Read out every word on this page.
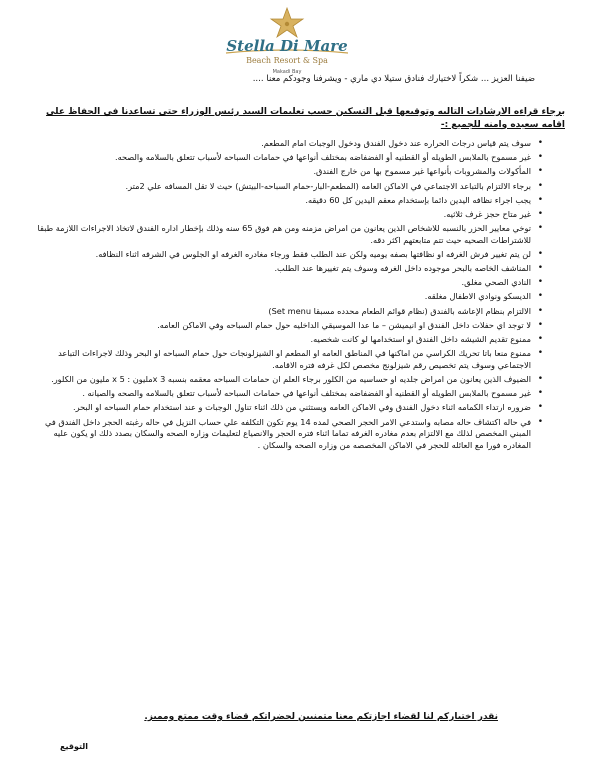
Stella Di Mare
Beach Resort & Spa
Makadi Bay
ضيفنا العزيز ... شكراً لاختيارك فنادق ستيلا دي ماري - ويشرفنا وجودكم معنا ....
برجاء قراءه الارشادات التاليه وتوقيعها قبل التسكين حسب تعليمات السيد رئيس الوزراء حتى تساعدنا في الحفاظ على اقامه سعيده وامنه للجميع :-
• سوف يتم قياس درجات الحراره عند دخول الفندق ودخول الوجبات امام المطعم.
• غير مسموح بالملابس الطويله أو القطنيه أو الفضفاضه بمختلف أنواعها في حمامات السباحه لأسباب تتعلق بالسلامه والصحه.
• المأكولات والمشروبات بأنواعها غير مسموح بها من خارج الفندق.
• برجاء الالتزام بالتباعد الاجتماعي في الاماكن العامه (المطعم-البار-حمام السباحه-البيتش) حيث لا تقل المسافه علي 2متر.
• يجب اجراء نظافه اليدين دائما بإستخدام معقم اليدين كل 60 دقيقه.
• غير متاح حجز غرف ثلاثيه.
• توخي معايير الحزر بالنسبه للاشخاص الذين يعانون من امراض مزمنه ومن هم فوق 65 سنه وذلك بإخطار اداره الفندق لاتخاذ الاجراءات اللازمة طبقا للاشتراطات الصحيه حيث تتم متابعتهم اكثر دقه.
• لن يتم تغيير فرش الغرفه او نظافتها بصفه يوميه ولكن عند الطلب فقط ورجاء مغادره الغرفه او الجلوس في الشرفه اثناء النظافه.
• المناشف الخاصه بالبحر موجوده داخل الغرفه وسوف يتم تغييرها عند الطلب.
• النادي الصحي مغلق.
• الديسكو ونوادي الاطفال مغلقه.
• الالتزام بنظام الإعاشه بالفندق (نظام قوائم الطعام محدده مسبقا Set menu)
• لا توجد اي حفلات داخل الفندق او انيميشن – ما عدا الموسيقي الداخليه حول حمام السباحه وفي الاماكن العامه.
• ممنوع تقديم الشيشه داخل الفندق او استخدامها لو كانت شخصيه.
• ممنوع منعا باتا تحريك الكراسي من اماكنها في المناطق العامه او المطعم او الشيزلونجات حول حمام السباحه او البحر وذلك لاجراءات التباعد الاجتماعي وسوف يتم تخصيص رقم شيزلونج مخصص لكل غرفه فتره الاقامه.
• الضيوف الذين يعانون من امراض جلديه او حساسيه من الكلور برجاء العلم ان حمامات السباحه معقمه بنسبه 3 xمليون : 5 x مليون من الكلور.
• غير مسموح بالملابس الطويله أو القطنيه أو الفضفاضه بمختلف أنواعها في حمامات السباحه لأسباب تتعلق بالسلامه والصحه والصيانه .
• ضروره ارتداء الكمامه اثناء دخول الفندق وفي الاماكن العامه ويستثني من ذلك اثناء تناول الوجبات و عند استخدام حمام السباحه او البحر.
• في حاله اكتشاف حاله مصابه واستدعي الامر الحجر الصحي لمده 14 يوم تكون التكلفه علي حساب النزيل في حاله رغبته الحجر داخل الفندق في المبني المخصص لذلك مع الالتزام بعدم مغادره الغرفه تماما اثناء فتره الحجر والانصياع لتعليمات وزاره الصحه والسكان بصدد ذلك او يكون عليه المغادره فورا مع العائله للحجر في الاماكن المخصصه من وزاره الصحه والسكان .
نقدر اختياركم لنا لقضاء اجازتكم معنا متمنيين لحضراتكم قضاء وقت ممتع ومميز.
التوقيع
